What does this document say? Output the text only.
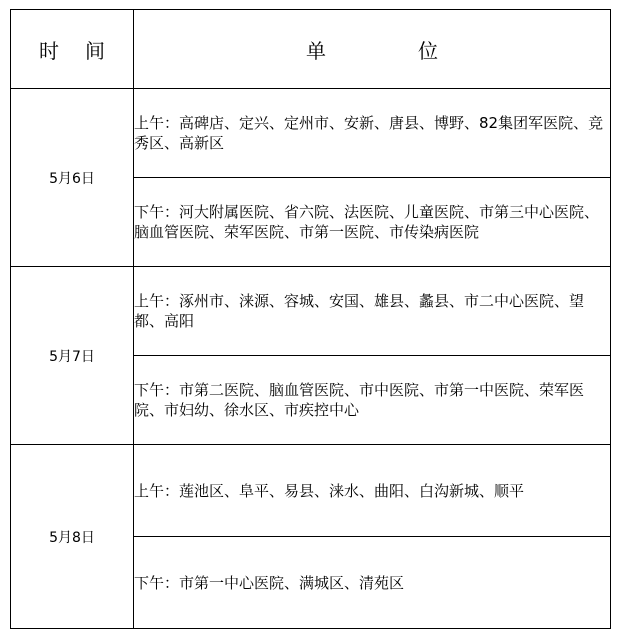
时 间	单 位
5月6日	上午：高碑店、定兴、定州市、安新、唐县、博野、82集团军医院、竞秀区、高新区
	下午：河大附属医院、省六院、法医院、儿童医院、市第三中心医院、脑血管医院、荣军医院、市第一医院、市传染病医院
5月7日	上午：涿州市、涞源、容城、安国、雄县、蠡县、市二中心医院、望都、高阳
	下午：市第二医院、脑血管医院、市中医院、市第一中医院、荣军医院、市妇幼、徐水区、市疾控中心
5月8日	上午：莲池区、阜平、易县、涞水、曲阳、白沟新城、顺平
	下午：市第一中心医院、满城区、清苑区
